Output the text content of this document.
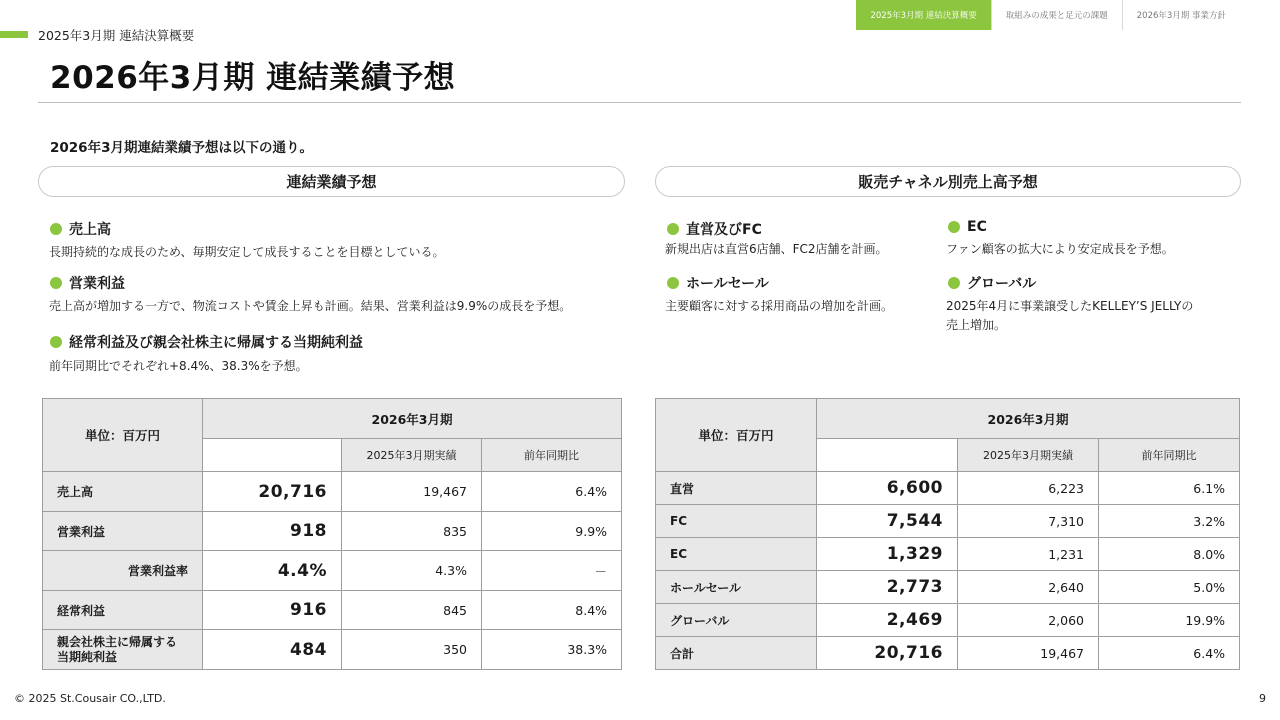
2025年3月期 連結決算概要	取組みの成果と足元の課題	2026年3月期 事業方針
2025年3月期 連結決算概要
2026年3月期 連結業績予想
2026年3月期連結業績予想は以下の通り。
連結業績予想	販売チャネル別売上高予想
売上高
長期持続的な成長のため、毎期安定して成長することを目標としている。
営業利益
売上高が増加する一方で、物流コストや賃金上昇も計画。結果、営業利益は9.9%の成長を予想。
経常利益及び親会社株主に帰属する当期純利益
前年同期比でそれぞれ+8.4%、38.3%を予想。
直営及びFC
新規出店は直営6店舗、FC2店舗を計画。
EC
ファン顧客の拡大により安定成長を予想。
ホールセール
主要顧客に対する採用商品の増加を計画。
グローバル
2025年4月に事業譲受したKELLEY’S JELLYの
売上増加。
単位：百万円	2026年3月期		
		2025年3月期実績	前年同期比
売上高	20,716	19,467	6.4%
営業利益	918	835	9.9%
営業利益率	4.4%	4.3%	－
経常利益	916	845	8.4%

親会社株主に帰属する
当期純利益	484	350	38.3%
単位：百万円	2026年3月期		
		2025年3月期実績	前年同期比
直営	6,600	6,223	6.1%
FC	7,544	7,310	3.2%
EC	1,329	1,231	8.0%
ホールセール	2,773	2,640	5.0%
グローバル	2,469	2,060	19.9%
合計	20,716	19,467	6.4%
© 2025 St.Cousair CO.,LTD.	9
